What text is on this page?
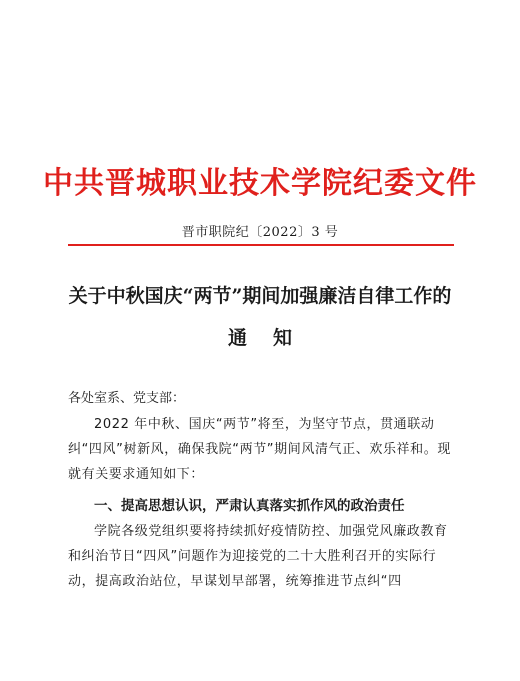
中共晋城职业技术学院纪委文件
晋市职院纪〔2022〕3 号
关于中秋国庆“两节”期间加强廉洁自律工作的
通知
各处室系、党支部：
2022 年中秋、国庆“两节”将至，为坚守节点，贯通联动纠“四风”树新风，确保我院“两节”期间风清气正、欢乐祥和。现就有关要求通知如下：
一、提高思想认识，严肃认真落实抓作风的政治责任
学院各级党组织要将持续抓好疫情防控、加强党风廉政教育和纠治节日“四风”问题作为迎接党的二十大胜利召开的实际行动，提高政治站位，早谋划早部署，统筹推进节点纠“四
